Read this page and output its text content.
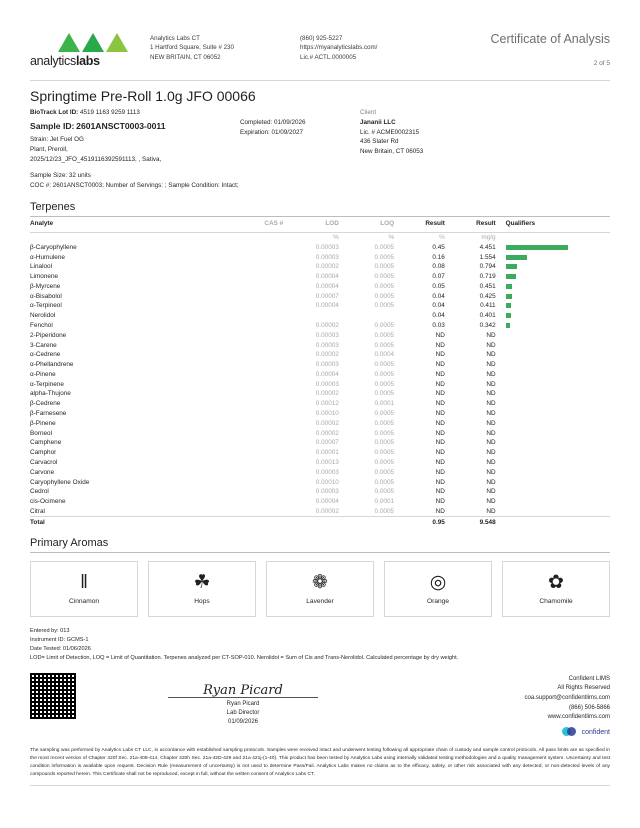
analyticslabs
Analytics Labs CT
1 Hartford Square, Suite # 230
NEW BRITAIN, CT 06052
(860) 925-5227
https://myanalyticslabs.com/
Lic.# ACTL.0000005
Certificate of Analysis
2 of 5
Springtime Pre-Roll 1.0g JFO 00066
BioTrack Lot ID: 4519 1163 9259 1113
Sample ID: 2601ANSCT0003-0011
Strain: Jet Fuel OG
Plant, Preroll,
2025/12/23_JFO_4519116392591113, , Sativa,
Completed: 01/09/2026
Expiration: 01/09/2027
Client
Jananii LLC
Lic. # ACME0002315
436 Slater Rd
New Britain, CT 06053
Sample Size: 32 units
COC #: 2601ANSCT0003; Number of Servings: ; Sample Condition: Intact;
Terpenes
Analyte	CAS #	LOD	LOQ	Result	Result	Qualifiers

		%	%	%	mg/g	
β-Caryophyllene		0.00003	0.0005	0.45	4.451	

α-Humulene		0.00003	0.0005	0.16	1.554	

Linalool		0.00002	0.0005	0.08	0.794	

Limonene		0.00004	0.0005	0.07	0.719	

β-Myrcene		0.00004	0.0005	0.05	0.451	

α-Bisabolol		0.00007	0.0005	0.04	0.425	

α-Terpineol		0.00004	0.0005	0.04	0.411	

Nerolidol				0.04	0.401	

Fenchol		0.00002	0.0005	0.03	0.342	

2-Piperidone		0.00003	0.0005	ND	ND	
3-Carene		0.00003	0.0005	ND	ND	
α-Cedrene		0.00002	0.0004	ND	ND	
α-Phellandrene		0.00003	0.0005	ND	ND	
α-Pinene		0.00004	0.0005	ND	ND	
α-Terpinene		0.00003	0.0005	ND	ND	
alpha-Thujone		0.00002	0.0005	ND	ND	
β-Cedrene		0.00012	0.0001	ND	ND	
β-Farnesene		0.00010	0.0005	ND	ND	
β-Pinene		0.00002	0.0005	ND	ND	
Borneol		0.00002	0.0005	ND	ND	
Camphene		0.00007	0.0005	ND	ND	
Camphor		0.00001	0.0005	ND	ND	
Carvacrol		0.00013	0.0005	ND	ND	
Carvone		0.00003	0.0005	ND	ND	
Caryophyllene Oxide		0.00010	0.0005	ND	ND	
Cedrol		0.00003	0.0005	ND	ND	
cis-Ocimene		0.00004	0.0001	ND	ND	
Citral		0.00002	0.0005	ND	ND	
Total				0.95	9.548	
Primary Aromas
‖
Cinnamon
☘
Hops
❁
Lavender
◎
Orange
✿
Chamomile
Entered by: 013
Instrument ID: GCMS-1
Date Tested: 01/06/2026
LOD= Limit of Detection, LOQ = Limit of Quantitation. Terpenes analyzed per CT-SOP-010. Nerolidol = Sum of Cis and Trans-Nerolidol. Calculated percentage by dry weight.
Ryan Picard
Ryan Picard
Lab Director
01/09/2026
Confident LIMS
All Rights Reserved
coa.support@confidentlims.com
(866) 506-5866
www.confidentlims.com
confident
The sampling was performed by Analytics Labs CT LLC, in accordance with established sampling protocols. Samples were received intact and underwent testing following all appropriate chain of custody and sample control protocols. All pass limits are as specified in the most recent version of Chapter 420f Sec. 21a-408-414, Chapter 420h Sec. 21a-42D-429 and 21a 421j-(1-40). This product has been tested by Analytics Labs using internally validated testing methodologies and a quality management system. Uncertainty and test condition information is available upon request. Decision Rule (measurement of uncertainty) is not used to determine Pass/Fail. Analytics Labs makes no claims as to the efficacy, safety, or other risk associated with any detected, or non-detected levels of any compounds reported herein. This Certificate shall not be reproduced, except in full, without the written consent of Analytics Labs CT.
